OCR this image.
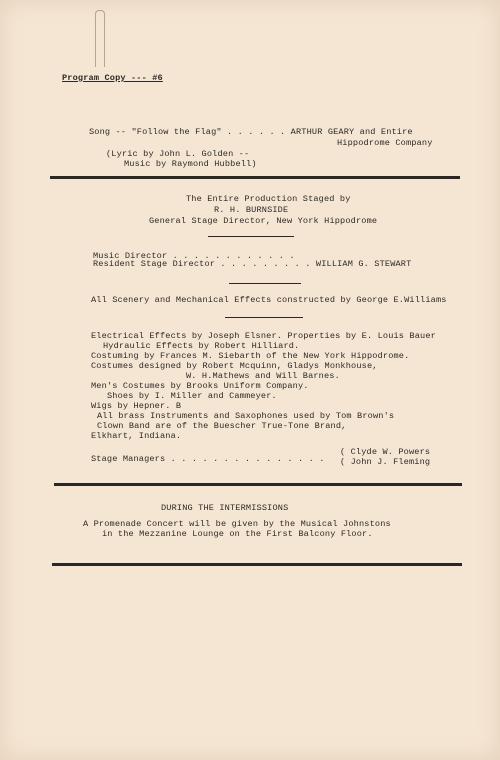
Program Copy --- #6
Song -- "Follow the Flag" . . . . . . ARTHUR GEARY and Entire
Hippodrome Company
(Lyric by John L. Golden --
Music by Raymond Hubbell)
The Entire Production Staged by
R. H. BURNSIDE
General Stage Director, New York Hippodrome
Music Director . . . . . . . . . . . .
Resident Stage Director . . . . . . . . . WILLIAM G. STEWART
All Scenery and Mechanical Effects constructed by George E.Williams
Electrical Effects by Joseph Elsner. Properties by E. Louis Bauer
Hydraulic Effects by Robert Hilliard.
Costuming by Frances M. Siebarth of the New York Hippodrome.
Costumes designed by Robert Mcquinn, Gladys Monkhouse,
W. H.Mathews and Will Barnes.
Men's Costumes by Brooks Uniform Company.
Shoes by I. Miller and Cammeyer.
Wigs by Hepner. B
All brass Instruments and Saxophones used by Tom Brown's
Clown Band are of the Buescher True-Tone Brand,
Elkhart, Indiana.
Stage Managers . . . . . . . . . . . . . . .
( Clyde W. Powers
( John J. Fleming
DURING THE INTERMISSIONS
A Promenade Concert will be given by the Musical Johnstons
in the Mezzanine Lounge on the First Balcony Floor.
